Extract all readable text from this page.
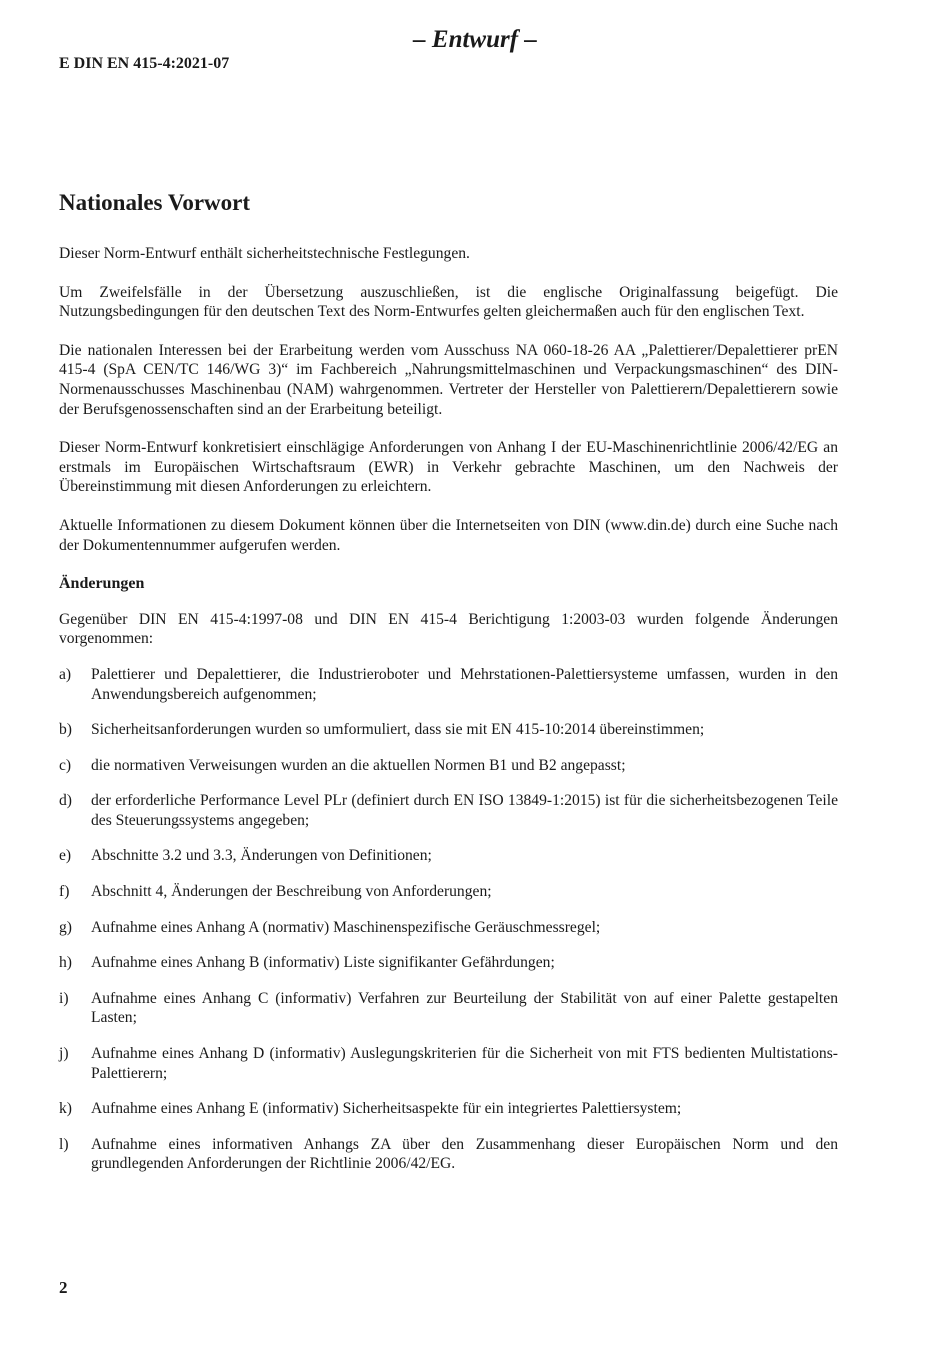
– Entwurf –
E DIN EN 415-4:2021-07
Nationales Vorwort

Dieser Norm-Entwurf enthält sicherheitstechnische Festlegungen.

Um Zweifelsfälle in der Übersetzung auszuschließen, ist die englische Originalfassung beigefügt. Die Nutzungsbedingungen für den deutschen Text des Norm-Entwurfes gelten gleichermaßen auch für den englischen Text.

Die nationalen Interessen bei der Erarbeitung werden vom Ausschuss NA 060-18-26 AA „Palettierer/Depalettierer prEN 415-4 (SpA CEN/TC 146/WG 3)“ im Fachbereich „Nahrungsmittelmaschinen und Verpackungsmaschinen“ des DIN-Normenausschusses Maschinenbau (NAM) wahrgenommen. Vertreter der Hersteller von Palettierern/Depalettierern sowie der Berufsgenossenschaften sind an der Erarbeitung beteiligt.

Dieser Norm-Entwurf konkretisiert einschlägige Anforderungen von Anhang I der EU-Maschinenrichtlinie 2006/42/EG an erstmals im Europäischen Wirtschaftsraum (EWR) in Verkehr gebrachte Maschinen, um den Nachweis der Übereinstimmung mit diesen Anforderungen zu erleichtern.

Aktuelle Informationen zu diesem Dokument können über die Internetseiten von DIN (www.din.de) durch eine Suche nach der Dokumentennummer aufgerufen werden.

Änderungen

Gegenüber DIN EN 415-4:1997-08 und DIN EN 415-4 Berichtigung 1:2003-03 wurden folgende Änderungen vorgenommen:

a) Palettierer und Depalettierer, die Industrieroboter und Mehrstationen-Palettiersysteme umfassen, wurden in den Anwendungsbereich aufgenommen;
b) Sicherheitsanforderungen wurden so umformuliert, dass sie mit EN 415-10:2014 übereinstimmen;
c) die normativen Verweisungen wurden an die aktuellen Normen B1 und B2 angepasst;
d) der erforderliche Performance Level PLr (definiert durch EN ISO 13849-1:2015) ist für die sicherheitsbezogenen Teile des Steuerungssystems angegeben;
e) Abschnitte 3.2 und 3.3, Änderungen von Definitionen;
f) Abschnitt 4, Änderungen der Beschreibung von Anforderungen;
g) Aufnahme eines Anhang A (normativ) Maschinenspezifische Geräuschmessregel;
h) Aufnahme eines Anhang B (informativ) Liste signifikanter Gefährdungen;
i) Aufnahme eines Anhang C (informativ) Verfahren zur Beurteilung der Stabilität von auf einer Palette gestapelten Lasten;
j) Aufnahme eines Anhang D (informativ) Auslegungskriterien für die Sicherheit von mit FTS bedienten Multistations-Palettierern;
k) Aufnahme eines Anhang E (informativ) Sicherheitsaspekte für ein integriertes Palettiersystem;
l) Aufnahme eines informativen Anhangs ZA über den Zusammenhang dieser Europäischen Norm und den grundlegenden Anforderungen der Richtlinie 2006/42/EG.
2
